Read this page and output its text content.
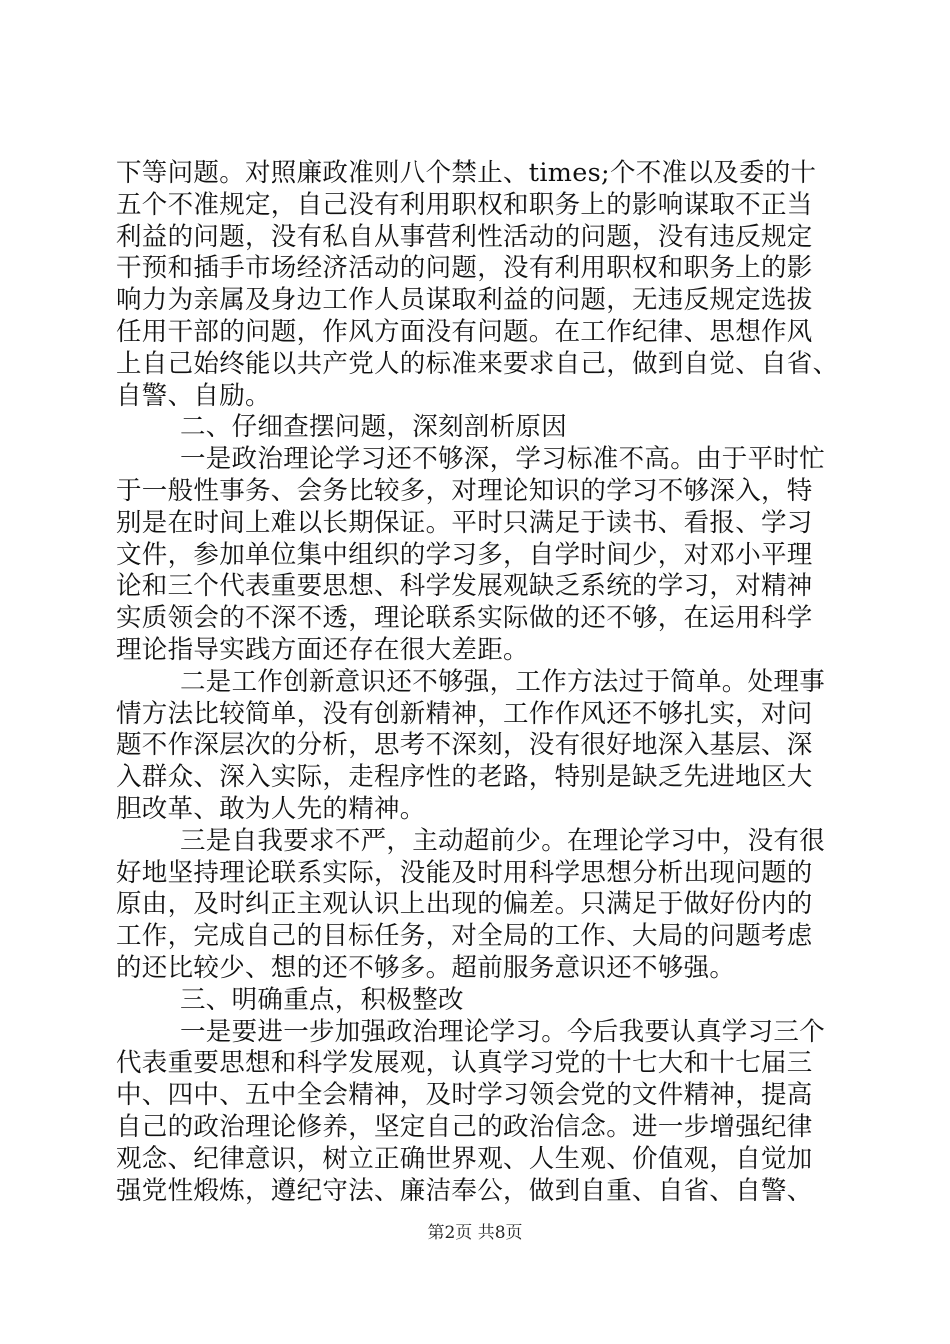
下等问题。对照廉政准则八个禁止、times;个不准以及委的十
五个不准规定，自己没有利用职权和职务上的影响谋取不正当
利益的问题，没有私自从事营利性活动的问题，没有违反规定
干预和插手市场经济活动的问题，没有利用职权和职务上的影
响力为亲属及身边工作人员谋取利益的问题，无违反规定选拔
任用干部的问题，作风方面没有问题。在工作纪律、思想作风
上自己始终能以共产党人的标准来要求自己，做到自觉、自省、
自警、自励。
二、仔细查摆问题，深刻剖析原因
一是政治理论学习还不够深，学习标准不高。由于平时忙
于一般性事务、会务比较多，对理论知识的学习不够深入，特
别是在时间上难以长期保证。平时只满足于读书、看报、学习
文件，参加单位集中组织的学习多，自学时间少，对邓小平理
论和三个代表重要思想、科学发展观缺乏系统的学习，对精神
实质领会的不深不透，理论联系实际做的还不够，在运用科学
理论指导实践方面还存在很大差距。
二是工作创新意识还不够强，工作方法过于简单。处理事
情方法比较简单，没有创新精神，工作作风还不够扎实，对问
题不作深层次的分析，思考不深刻，没有很好地深入基层、深
入群众、深入实际，走程序性的老路，特别是缺乏先进地区大
胆改革、敢为人先的精神。
三是自我要求不严，主动超前少。在理论学习中，没有很
好地坚持理论联系实际，没能及时用科学思想分析出现问题的
原由，及时纠正主观认识上出现的偏差。只满足于做好份内的
工作，完成自己的目标任务，对全局的工作、大局的问题考虑
的还比较少、想的还不够多。超前服务意识还不够强。
三、明确重点，积极整改
一是要进一步加强政治理论学习。今后我要认真学习三个
代表重要思想和科学发展观，认真学习党的十七大和十七届三
中、四中、五中全会精神，及时学习领会党的文件精神，提高
自己的政治理论修养，坚定自己的政治信念。进一步增强纪律
观念、纪律意识，树立正确世界观、人生观、价值观，自觉加
强党性煅炼，遵纪守法、廉洁奉公，做到自重、自省、自警、
第2页 共8页
